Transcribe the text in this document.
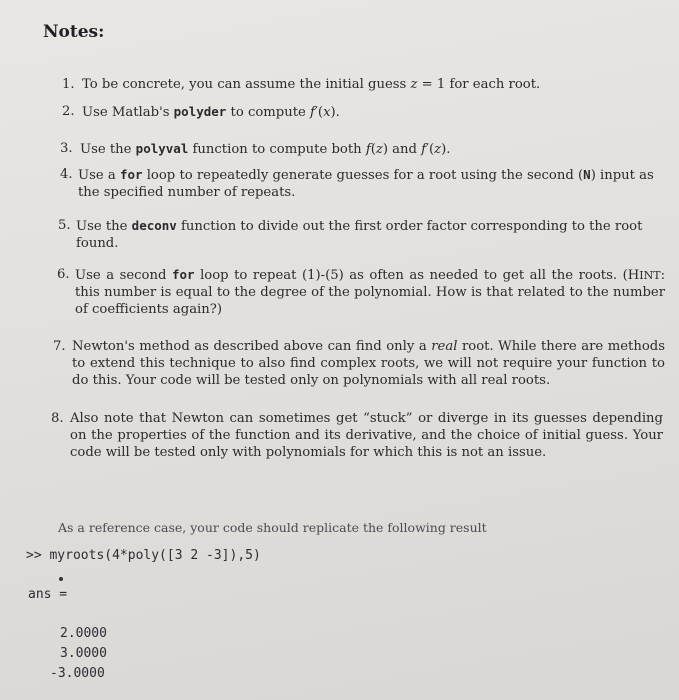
Notes:
1. To be concrete, you can assume the initial guess z = 1 for each root.
2. Use Matlab's polyder to compute f′(x).
3. Use the polyval function to compute both f(z) and f′(z).
4. Use a for loop to repeatedly generate guesses for a root using the second (N) input as the specified number of repeats.
5. Use the deconv function to divide out the first order factor corresponding to the root found.
6. Use a second for loop to repeat (1)-(5) as often as needed to get all the roots. (HINT: this number is equal to the degree of the polynomial. How is that related to the number of coefficients again?)
7. Newton's method as described above can find only a real root. While there are methods to extend this technique to also find complex roots, we will not require your function to do this. Your code will be tested only on polynomials with all real roots.
8. Also note that Newton can sometimes get “stuck” or diverge in its guesses depending on the properties of the function and its derivative, and the choice of initial guess. Your code will be tested only with polynomials for which this is not an issue.
As a reference case, your code should replicate the following result
>> myroots(4*poly([3 2 -3]),5)
ans =
2.0000
3.0000
-3.0000
